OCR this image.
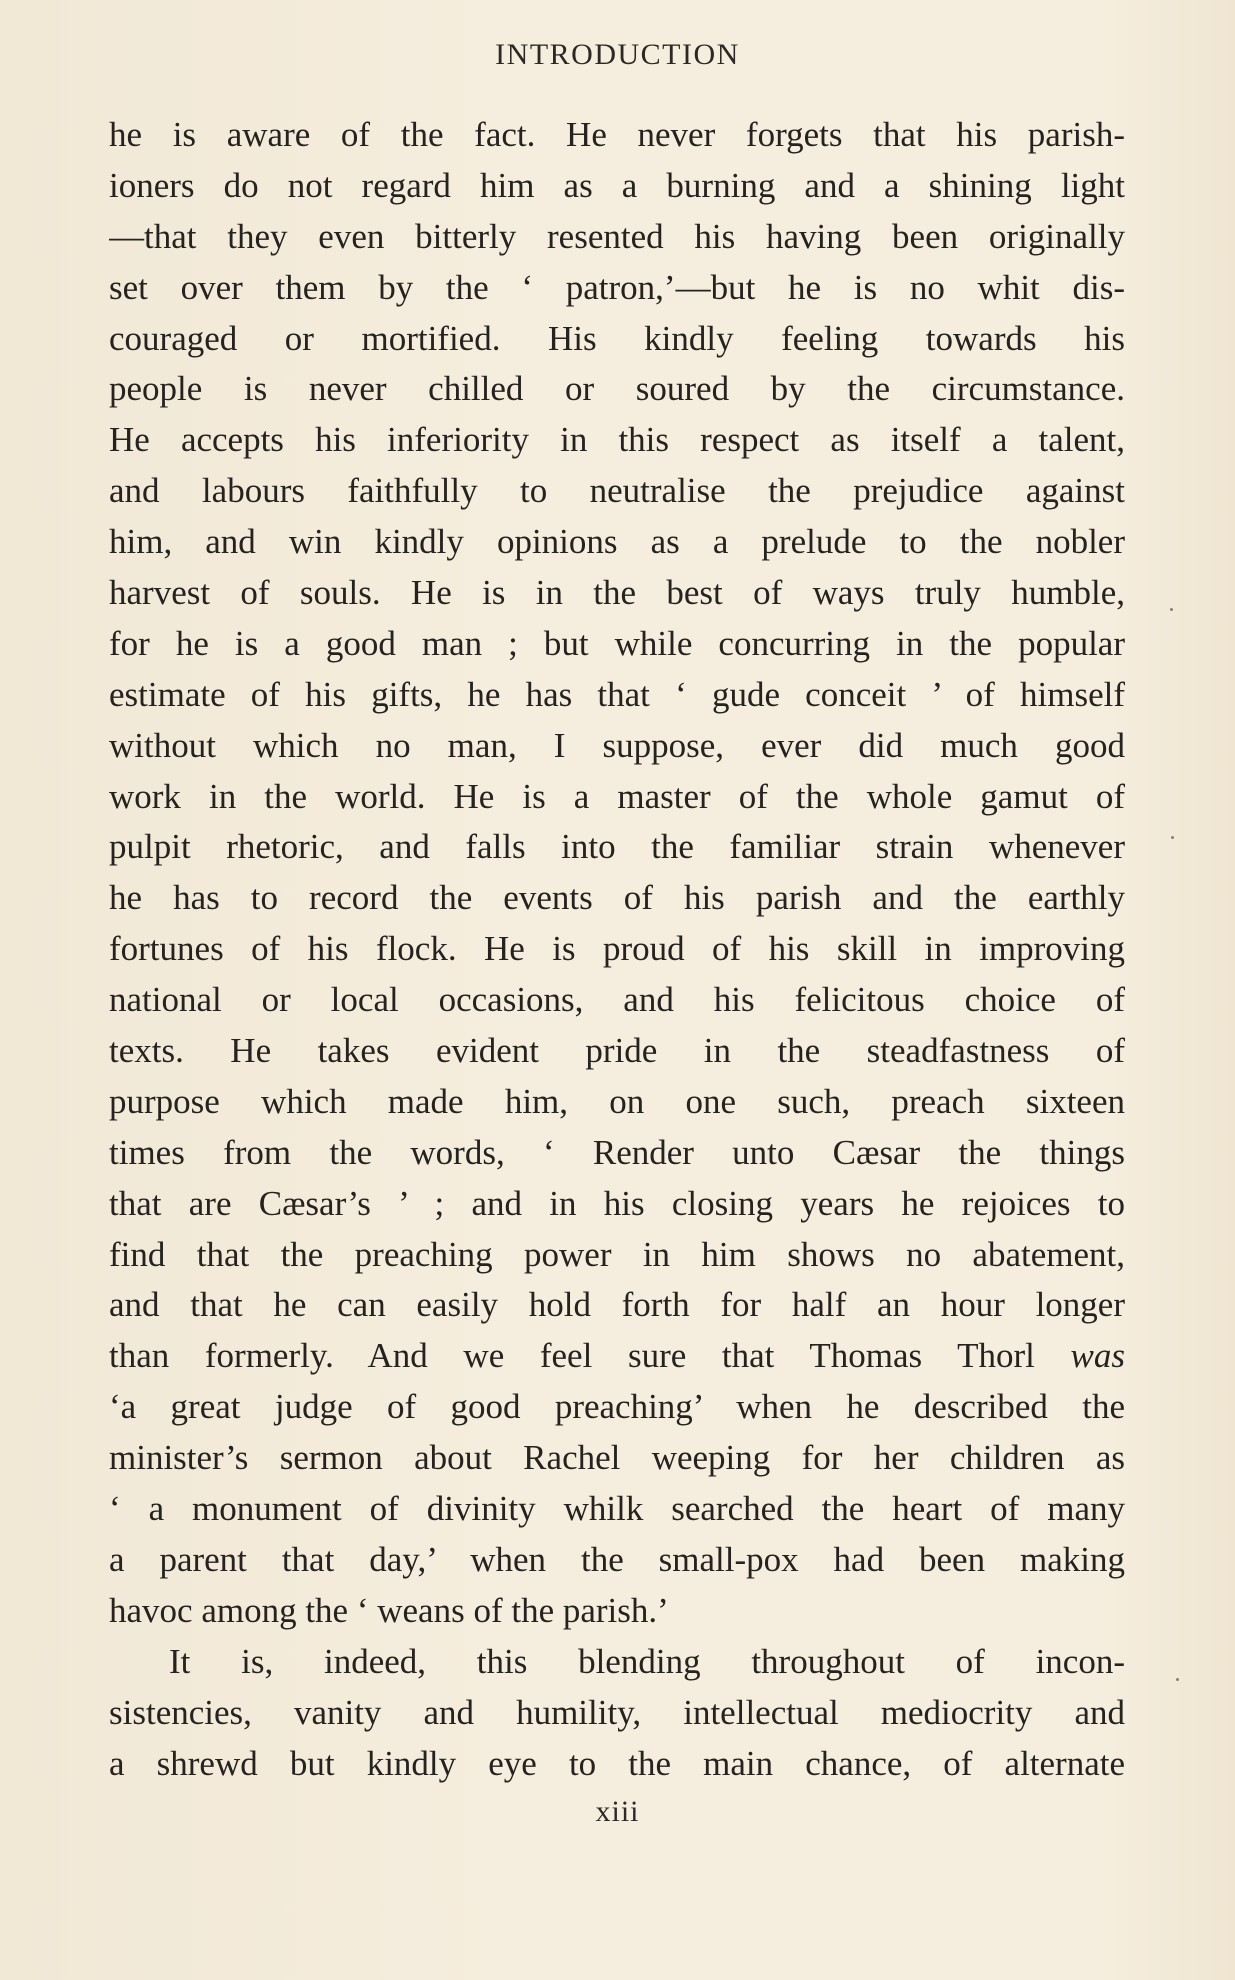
INTRODUCTION
he is aware of the fact. He never forgets that his parish-
ioners do not regard him as a burning and a shining light
—that they even bitterly resented his having been originally
set over them by the ‘ patron,’—but he is no whit dis-
couraged or mortified. His kindly feeling towards his
people is never chilled or soured by the circumstance.
He accepts his inferiority in this respect as itself a talent,
and labours faithfully to neutralise the prejudice against
him, and win kindly opinions as a prelude to the nobler
harvest of souls. He is in the best of ways truly humble,
for he is a good man ; but while concurring in the popular
estimate of his gifts, he has that ‘ gude conceit ’ of himself
without which no man, I suppose, ever did much good
work in the world. He is a master of the whole gamut of
pulpit rhetoric, and falls into the familiar strain whenever
he has to record the events of his parish and the earthly
fortunes of his flock. He is proud of his skill in improving
national or local occasions, and his felicitous choice of
texts. He takes evident pride in the steadfastness of
purpose which made him, on one such, preach sixteen
times from the words, ‘ Render unto Cæsar the things
that are Cæsar’s ’ ; and in his closing years he rejoices to
find that the preaching power in him shows no abatement,
and that he can easily hold forth for half an hour longer
than formerly. And we feel sure that Thomas Thorl was
‘a great judge of good preaching’ when he described the
minister’s sermon about Rachel weeping for her children as
‘ a monument of divinity whilk searched the heart of many
a parent that day,’ when the small-pox had been making
havoc among the ‘ weans of the parish.’
It is, indeed, this blending throughout of incon-
sistencies, vanity and humility, intellectual mediocrity and
a shrewd but kindly eye to the main chance, of alternate
xiii
